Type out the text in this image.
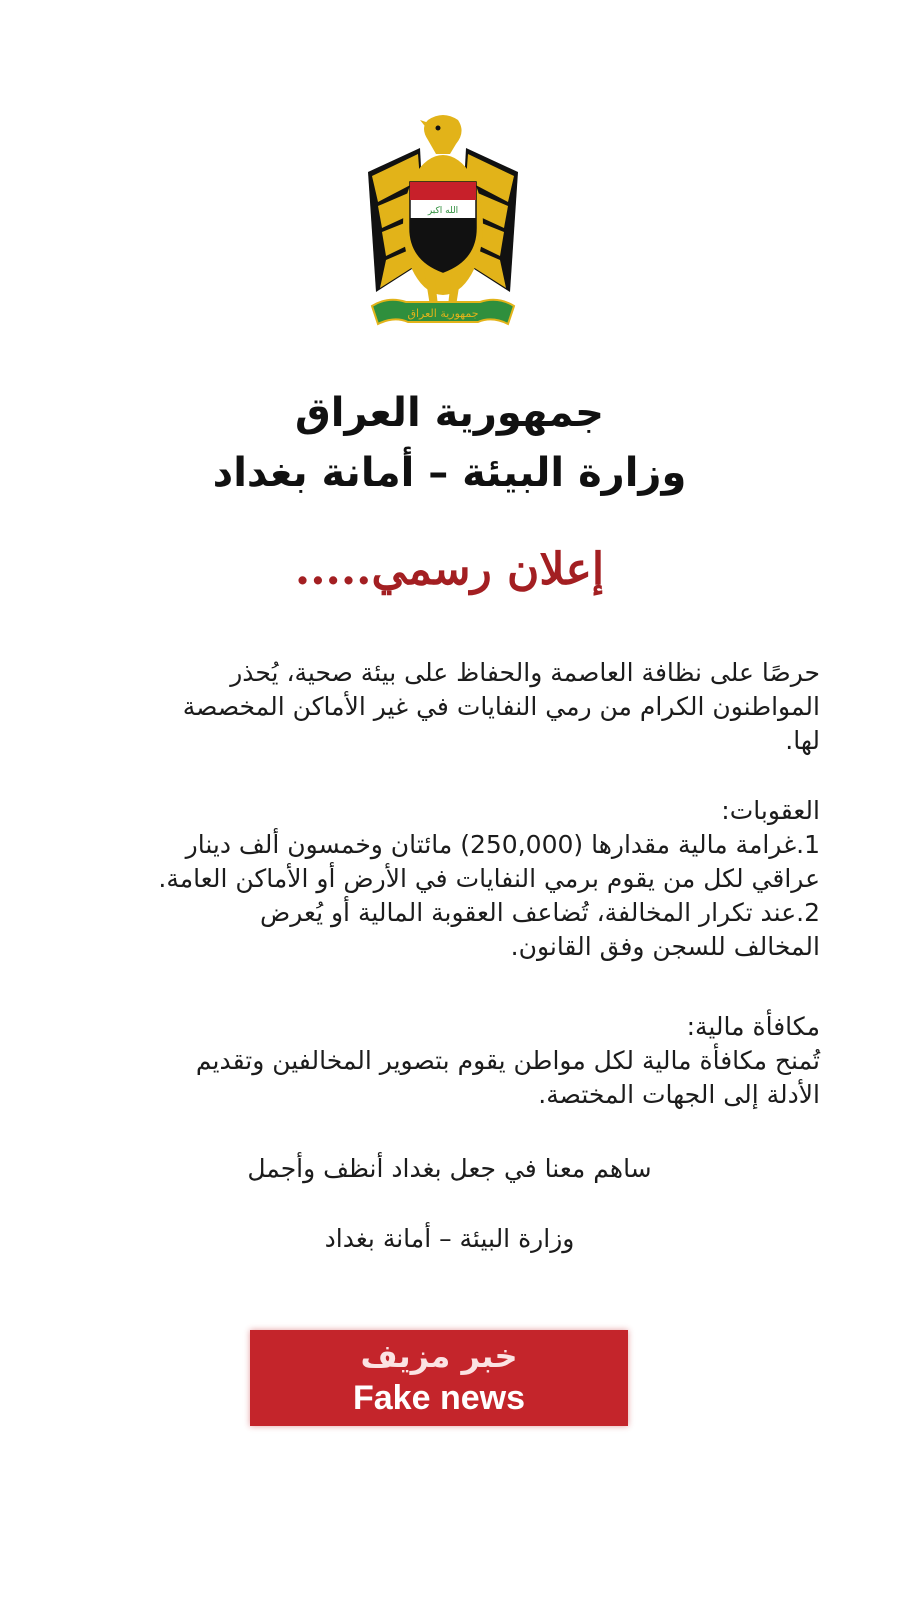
الله اكبر
جمهورية العراق
جمهورية العراق
وزارة البيئة – أمانة بغداد
إعلان رسمي.....
حرصًا على نظافة العاصمة والحفاظ على بيئة صحية، يُحذر
المواطنون الكرام من رمي النفايات في غير الأماكن المخصصة
لها.
العقوبات:
1.غرامة مالية مقدارها (250,000) مائتان وخمسون ألف دينار
عراقي لكل من يقوم برمي النفايات في الأرض أو الأماكن العامة.
2.عند تكرار المخالفة، تُضاعف العقوبة المالية أو يُعرض
المخالف للسجن وفق القانون.
مكافأة مالية:
تُمنح مكافأة مالية لكل مواطن يقوم بتصوير المخالفين وتقديم
الأدلة إلى الجهات المختصة.
ساهم معنا في جعل بغداد أنظف وأجمل
وزارة البيئة – أمانة بغداد
خبر مزيف
Fake news
